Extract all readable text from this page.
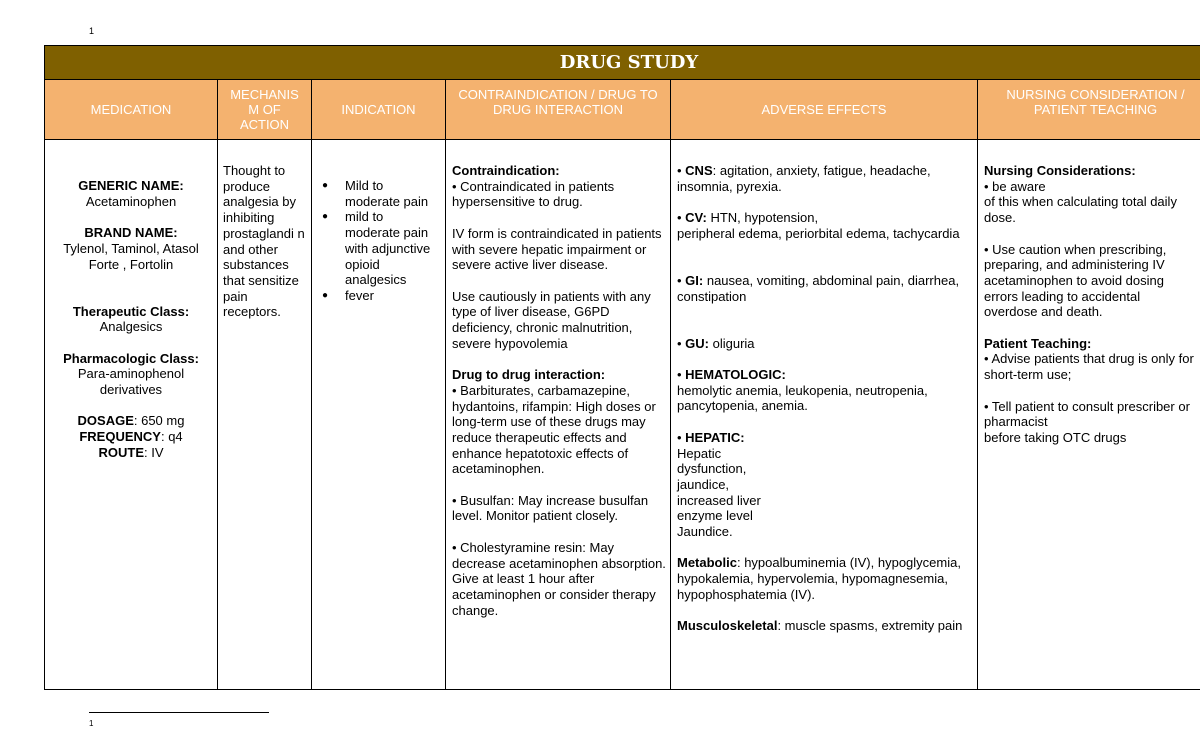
1
DRUG STUDY
MEDICATION
MECHANIS M OF ACTION
INDICATION
CONTRAINDICATION / DRUG TO DRUG INTERACTION	ADVERSE EFFECTS
NURSING CONSIDERATION / PATIENT TEACHING
GENERIC NAME:
Acetaminophen
BRAND NAME:
Tylenol, Taminol, Atasol Forte , Fortolin
Therapeutic Class:
Analgesics
Pharmacologic Class:
Para-aminophenol derivatives
DOSAGE: 650 mg
FREQUENCY: q4
ROUTE: IV
Thought to produce analgesia by inhibiting prostaglandi n and other substances that sensitize pain receptors.
● Mild to moderate pain
● mild to moderate pain with adjunctive opioid analgesics
● fever
Contraindication:
• Contraindicated in patients hypersensitive to drug.
IV form is contraindicated in patients with severe hepatic impairment or severe active liver disease.
Use cautiously in patients with any type of liver disease, G6PD deficiency, chronic malnutrition, severe hypovolemia
Drug to drug interaction:
• Barbiturates, carbamazepine, hydantoins, rifampin: High doses or long-term use of these drugs may reduce therapeutic effects and enhance hepatotoxic effects of acetaminophen.
• Busulfan: May increase busulfan level. Monitor patient closely.
• Cholestyramine resin: May decrease acetaminophen absorption. Give at least 1 hour after acetaminophen or consider therapy change.
• CNS: agitation, anxiety, fatigue, headache, insomnia, pyrexia.
• CV: HTN, hypotension,
peripheral edema, periorbital edema, tachycardia
• GI: nausea, vomiting, abdominal pain, diarrhea, constipation
• GU: oliguria
• HEMATOLOGIC:
hemolytic anemia, leukopenia, neutropenia, pancytopenia, anemia.
• HEPATIC:
Hepatic dysfunction, jaundice, increased liver enzyme level Jaundice.
Metabolic: hypoalbuminemia (IV), hypoglycemia, hypokalemia, hypervolemia, hypomagnesemia, hypophosphatemia (IV).
Musculoskeletal: muscle spasms, extremity pain
Nursing Considerations:
• be aware
of this when calculating total daily
dose.
• Use caution when prescribing,
preparing, and administering IV
acetaminophen to avoid dosing
errors leading to accidental
overdose and death.
Patient Teaching:
• Advise patients that drug is only for
short-term use;
• Tell patient to consult prescriber or
pharmacist
before taking OTC drugs
1
